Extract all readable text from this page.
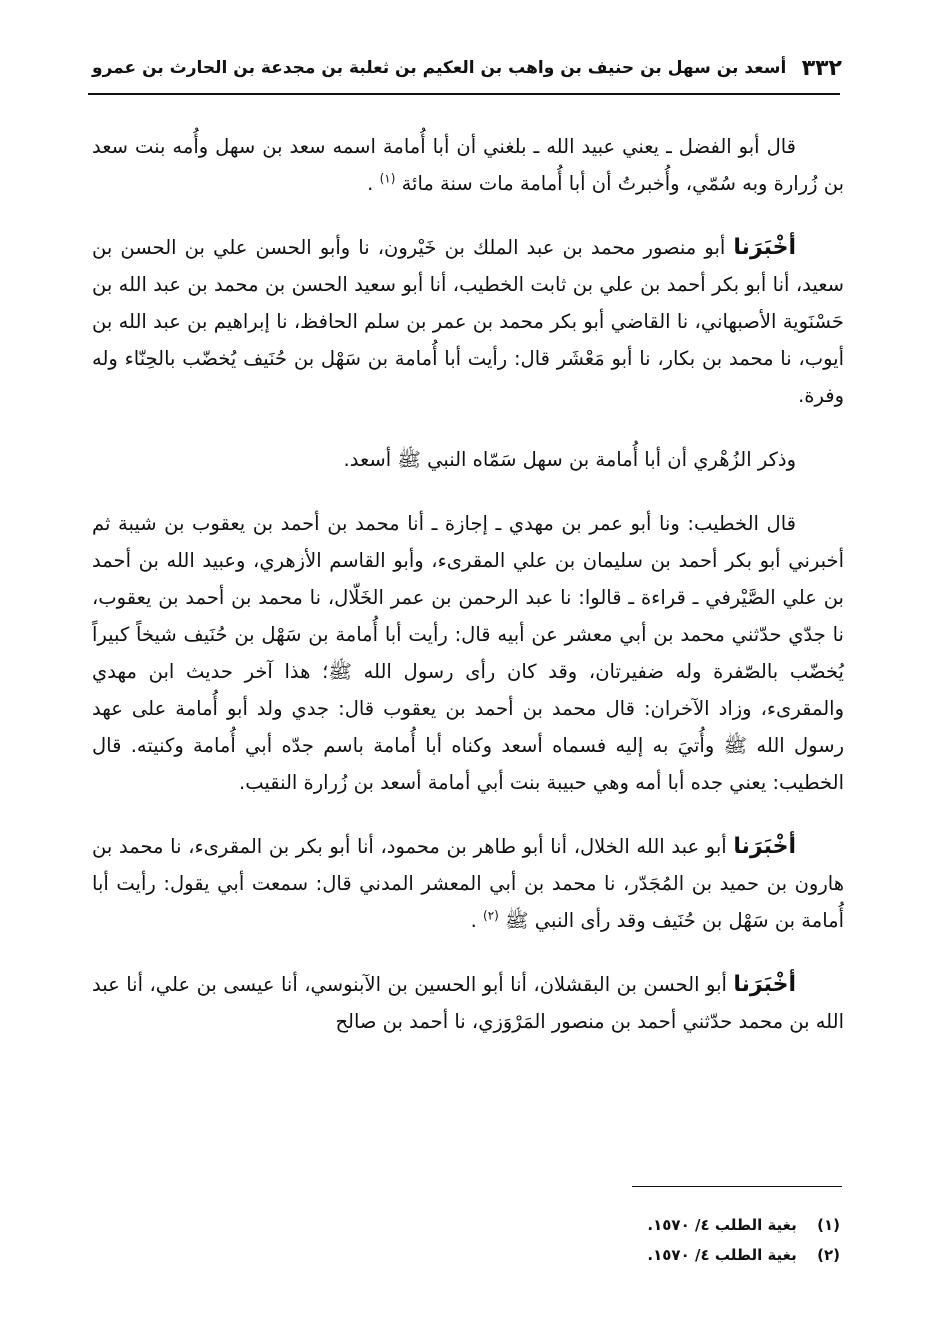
٣٣٢
أسعد بن سهل بن حنيف بن واهب بن العكيم بن ثعلبة بن مجدعة بن الحارث بن عمرو

قال أبو الفضل ـ يعني عبيد الله ـ بلغني أن أبا أُمامة اسمه سعد بن سهل وأُمه بنت سعد بن زُرارة وبه سُمّي، وأُخبرتُ أن أبا أُمامة مات سنة مائة $^{(١)}$ .

أخْبَرَنا أبو منصور محمد بن عبد الملك بن خَيْرون، نا وأبو الحسن علي بن الحسن بن سعيد، أنا أبو بكر أحمد بن علي بن ثابت الخطيب، أنا أبو سعيد الحسن بن محمد بن عبد الله بن حَسْنَوية الأصبهاني، نا القاضي أبو بكر محمد بن عمر بن سلم الحافظ، نا إبراهيم بن عبد الله بن أيوب، نا محمد بن بكار، نا أبو مَعْشَر قال: رأيت أبا أُمامة بن سَهْل بن حُنَيف يُخضّب بالحِنّاء وله وفرة.

وذكر الزُهْري أن أبا أُمامة بن سهل سَمّاه النبي ﷺ أسعد.

قال الخطيب: ونا أبو عمر بن مهدي ـ إجازة ـ أنا محمد بن أحمد بن يعقوب بن شيبة ثم أخبرني أبو بكر أحمد بن سليمان بن علي المقرىء، وأبو القاسم الأزهري، وعبيد الله بن أحمد بن علي الصَّيْرفي ـ قراءة ـ قالوا: نا عبد الرحمن بن عمر الخَلّال، نا محمد بن أحمد بن يعقوب، نا جدّي حدّثني محمد بن أبي معشر عن أبيه قال: رأيت أبا أُمامة بن سَهْل بن حُنَيف شيخاً كبيراً يُخضّب بالصّفرة وله ضفيرتان، وقد كان رأى رسول الله ﷺ؛ هذا آخر حديث ابن مهدي والمقرىء، وزاد الآخران: قال محمد بن أحمد بن يعقوب قال: جدي ولد أبو أُمامة على عهد رسول الله ﷺ وأُتيَ به إليه فسماه أسعد وكناه أبا أُمامة باسم جدّه أبي أُمامة وكنيته. قال الخطيب: يعني جده أبا أمه وهي حبيبة بنت أبي أمامة أسعد بن زُرارة النقيب.

أخْبَرَنا أبو عبد الله الخلال، أنا أبو طاهر بن محمود، أنا أبو بكر بن المقرىء، نا محمد بن هارون بن حميد بن المُجَدّر، نا محمد بن أبي المعشر المدني قال: سمعت أبي يقول: رأيت أبا أُمامة بن سَهْل بن حُنَيف وقد رأى النبي ﷺ $^{(٢)}$ .

أخْبَرَنا أبو الحسن بن البقشلان، أنا أبو الحسين بن الآبنوسي، أنا عيسى بن علي، أنا عبد الله بن محمد حدّثني أحمد بن منصور المَرْوَزي، نا أحمد بن صالح

(١) بغية الطلب ٤/ ١٥٧٠.
(٢) بغية الطلب ٤/ ١٥٧٠.
